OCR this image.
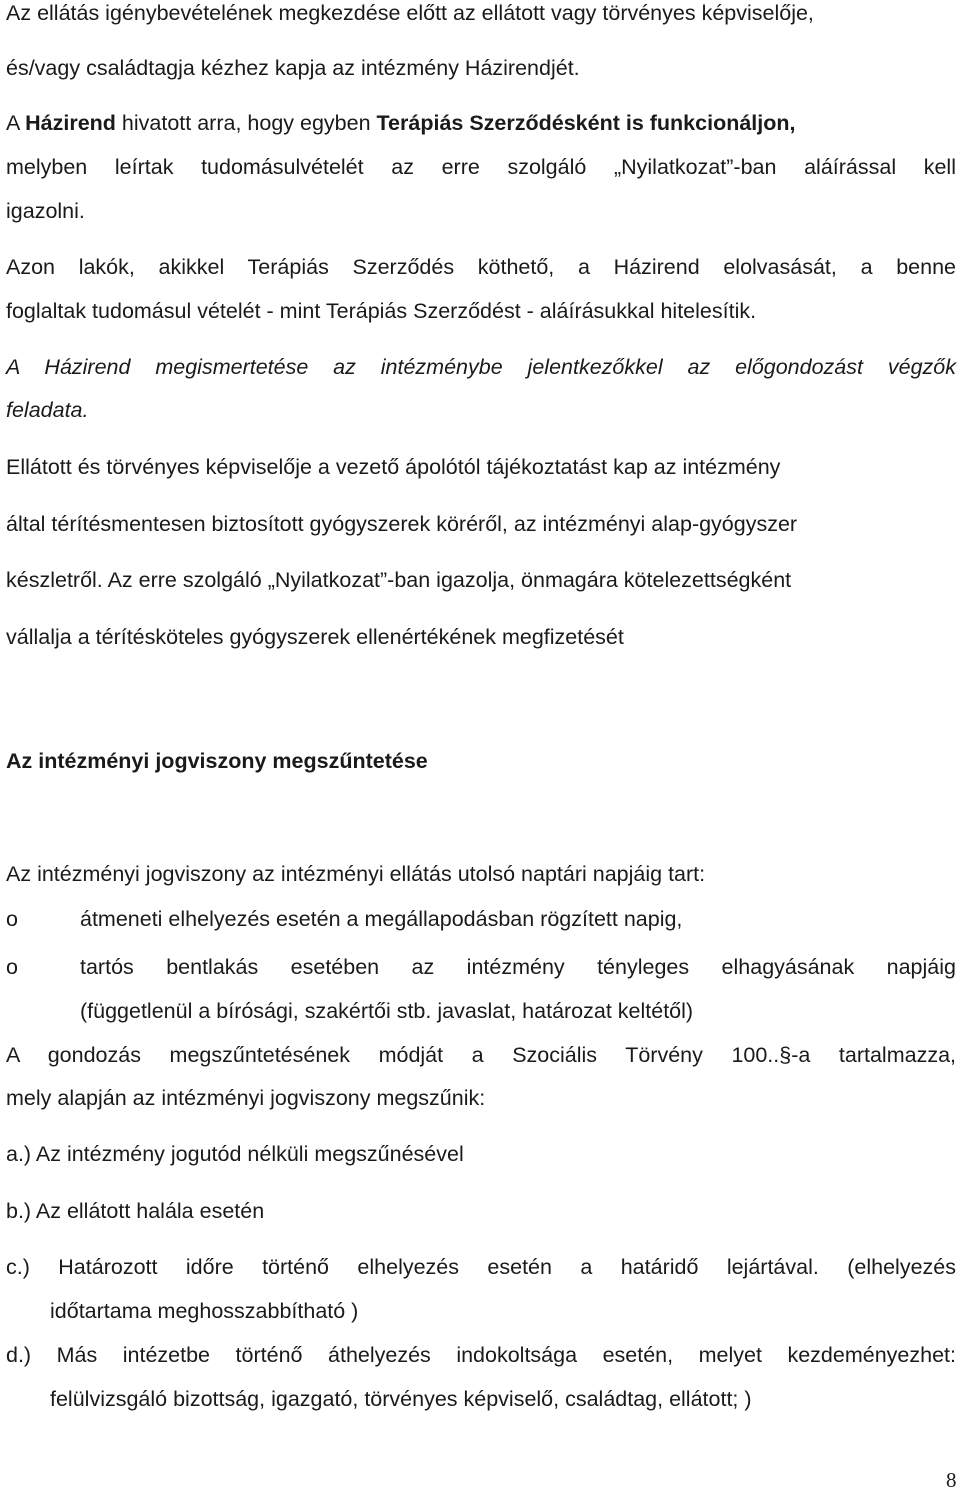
Az ellátás igénybevételének megkezdése előtt az ellátott vagy törvényes képviselője,
és/vagy családtagja kézhez kapja az intézmény Házirendjét.
A Házirend hivatott arra, hogy egyben Terápiás Szerződésként is funkcionáljon,
melyben leírtak tudomásulvételét az erre szolgáló „Nyilatkozat”-ban aláírással kell
igazolni.
Azon lakók, akikkel Terápiás Szerződés köthető, a Házirend elolvasását, a benne
foglaltak tudomásul vételét - mint Terápiás Szerződést - aláírásukkal hitelesítik.
A Házirend megismertetése az intézménybe jelentkezőkkel az előgondozást végzők
feladata.
Ellátott és törvényes képviselője a vezető ápolótól tájékoztatást kap az intézmény
által térítésmentesen biztosított gyógyszerek köréről, az intézményi alap-gyógyszer
készletről. Az erre szolgáló „Nyilatkozat”-ban igazolja, önmagára kötelezettségként
vállalja a térítésköteles gyógyszerek ellenértékének megfizetését
Az intézményi jogviszony megszűntetése
Az intézményi jogviszony az intézményi ellátás utolsó naptári napjáig tart:
o	átmeneti elhelyezés esetén a megállapodásban rögzített napig,
o	tartós bentlakás esetében az intézmény tényleges elhagyásának napjáig
(függetlenül a bírósági, szakértői stb. javaslat, határozat keltétől)
A gondozás megszűntetésének módját a Szociális Törvény 100..§-a tartalmazza,
mely alapján az intézményi jogviszony megszűnik:
a.) Az intézmény jogutód nélküli megszűnésével
b.) Az ellátott halála esetén
c.) Határozott időre történő elhelyezés esetén a határidő lejártával. (elhelyezés
időtartama meghosszabbítható )
d.) Más intézetbe történő áthelyezés indokoltsága esetén, melyet kezdeményezhet:
felülvizsgáló bizottság, igazgató, törvényes képviselő, családtag, ellátott; )
8
